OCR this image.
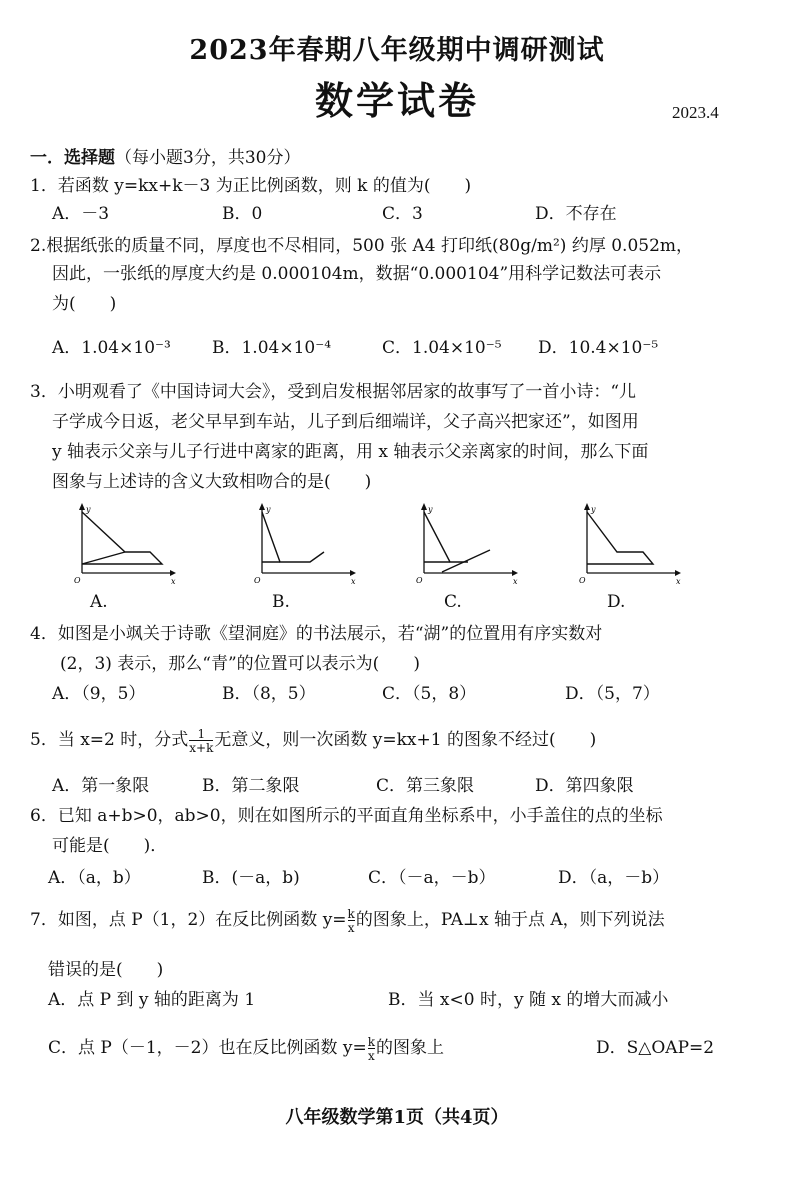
2023年春期八年级期中调研测试
数学试卷	2023.4
一．选择题（每小题3分，共30分）
1．若函数 y=kx+k－3 为正比例函数，则 k 的值为(　　)
A．－3	B．0	C．3	D．不存在
2.根据纸张的质量不同，厚度也不尽相同，500 张 A4 打印纸(80g/m²) 约厚 0.052m，
因此，一张纸的厚度大约是 0.000104m，数据“0.000104”用科学记数法可表示
为(　　)
A．1.04×10⁻³ B．1.04×10⁻⁴	C．1.04×10⁻⁵ D．10.4×10⁻⁵
3．小明观看了《中国诗词大会》，受到启发根据邻居家的故事写了一首小诗：“儿
子学成今日返，老父早早到车站，儿子到后细端详，父子高兴把家还”，如图用
y 轴表示父亲与儿子行进中离家的距离，用 x 轴表示父亲离家的时间，那么下面
图象与上述诗的含义大致相吻合的是(　　)
y
x
O
A.
y
x
O
B.
y
x
O
C.
y
x
O
D.
4．如图是小飒关于诗歌《望洞庭》的书法展示，若“湖”的位置用有序实数对
(2，3) 表示，那么“青”的位置可以表示为(　　)
A．（9，5）	B．（8，5）	C．（5，8）	D．（5，7）
5．当 x=2 时，分式 $\frac{1}{x+k}$ 无意义，则一次函数 y=kx+1 的图象不经过(　　)
A．第一象限	B．第二象限	C．第三象限	D．第四象限
6．已知 a+b>0，ab>0，则在如图所示的平面直角坐标系中，小手盖住的点的坐标
可能是(　　)．
A．（a，b）	B．(－a，b)	C．（－a，－b）	D．（a，－b）
7．如图，点 P（1，2）在反比例函数 $y= \frac{k}{x}$ 的图象上，PA⊥x 轴于点 A，则下列说法
错误的是(　　)
A．点 P 到 y 轴的距离为 1	B．当 x<0 时，y 随 x 的增大而减小
C．点 P（－1，－2）也在反比例函数 $y= \frac{k}{x}$ 的图象上	D．S△OAP=2
八年级数学第1页（共4页）
